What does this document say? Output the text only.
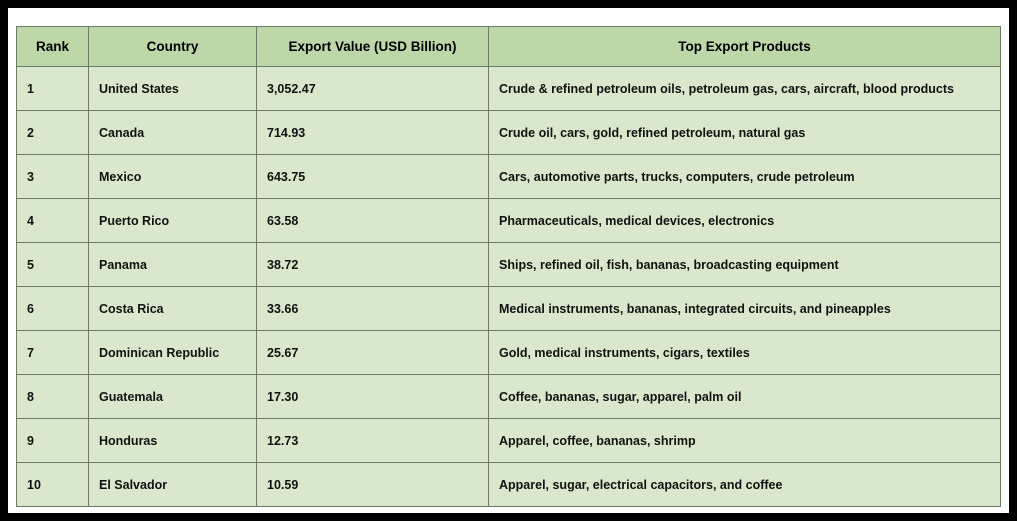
Rank	Country	Export Value (USD Billion)	Top Export Products
1	United States	3,052.47	Crude & refined petroleum oils, petroleum gas, cars, aircraft, blood products
2	Canada	714.93	Crude oil, cars, gold, refined petroleum, natural gas
3	Mexico	643.75	Cars, automotive parts, trucks, computers, crude petroleum
4	Puerto Rico	63.58	Pharmaceuticals, medical devices, electronics
5	Panama	38.72	Ships, refined oil, fish, bananas, broadcasting equipment
6	Costa Rica	33.66	Medical instruments, bananas, integrated circuits, and pineapples
7	Dominican Republic	25.67	Gold, medical instruments, cigars, textiles
8	Guatemala	17.30	Coffee, bananas, sugar, apparel, palm oil
9	Honduras	12.73	Apparel, coffee, bananas, shrimp
10	El Salvador	10.59	Apparel, sugar, electrical capacitors, and coffee
